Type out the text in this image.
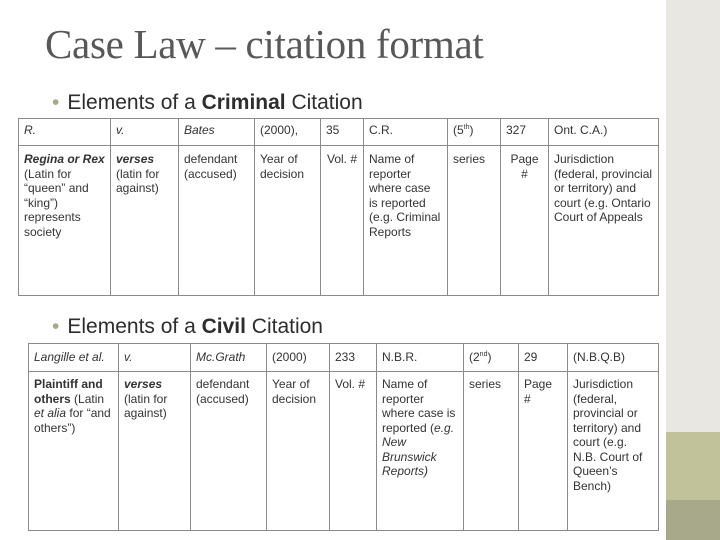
Case Law – citation format
• Elements of a Criminal Citation
R.	v.	Bates	(2000),	35	C.R.	(5th)	327	Ont. C.A.)
Regina or Rex (Latin for “queen” and “king”) represents society	verses (latin for against)	defendant (accused)	Year of decision	Vol. #	Name of reporter where case is reported (e.g. Criminal Reports	series	Page #	Jurisdiction (federal, provincial or territory) and court (e.g. Ontario Court of Appeals
• Elements of a Civil Citation
Langille et al.	v.	Mc.Grath	(2000)	233	N.B.R.	(2nd)	29	(N.B.Q.B)
Plaintiff and others (Latin et alia for “and others”)	verses (latin for against)	defendant (accused)	Year of decision	Vol. #	Name of reporter where case is reported (e.g. New Brunswick Reports)	series	Page #	Jurisdiction (federal, provincial or territory) and court (e.g. N.B. Court of Queen’s Bench)
